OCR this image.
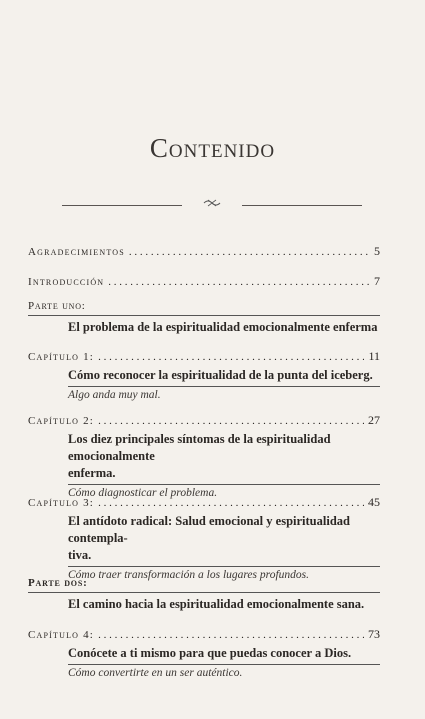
Contenido
Agradecimientos . . .	5
Introducción . . .	7
Parte uno:
El problema de la espiritualidad emocionalmente enferma
Capítulo 1: . . .	11
Cómo reconocer la espiritualidad de la punta del iceberg.
Algo anda muy mal.
Capítulo 2: . . .	27
Los diez principales síntomas de la espiritualidad emocionalmente
enferma.
Cómo diagnosticar el problema.
Capítulo 3: . . .	45
El antídoto radical: Salud emocional y espiritualidad contempla-
tiva.
Cómo traer transformación a los lugares profundos.
Parte dos:
El camino hacia la espiritualidad emocionalmente sana.
Capítulo 4: . . .	73
Conócete a ti mismo para que puedas conocer a Dios.
Cómo convertirte en un ser auténtico.
